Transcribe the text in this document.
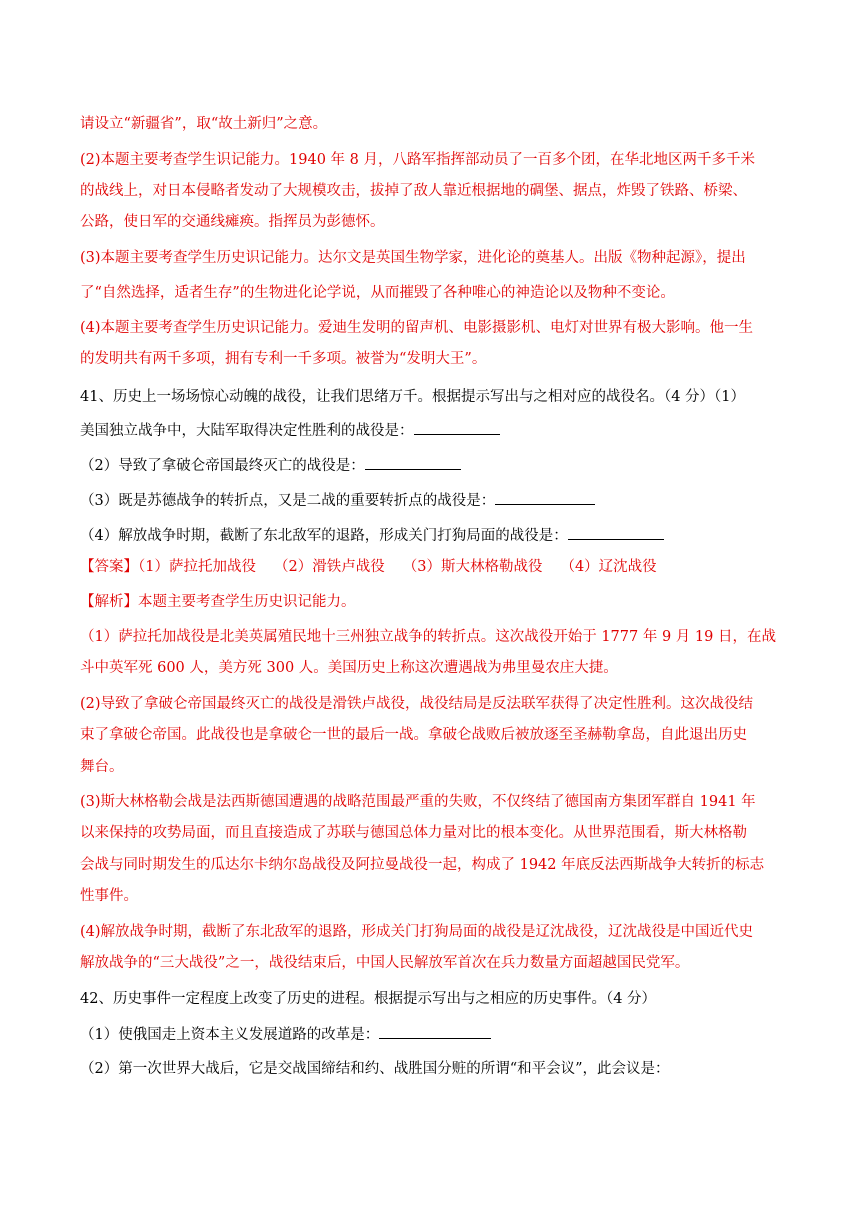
请设立“新疆省”，取“故土新归”之意。
(2)本题主要考查学生识记能力。1940 年 8 月，八路军指挥部动员了一百多个团，在华北地区两千多千米
的战线上，对日本侵略者发动了大规模攻击，拔掉了敌人靠近根据地的碉堡、据点，炸毁了铁路、桥梁、
公路，使日军的交通线瘫痪。指挥员为彭德怀。
(3)本题主要考查学生历史识记能力。达尔文是英国生物学家，进化论的奠基人。出版《物种起源》，提出
了“自然选择，适者生存”的生物进化论学说，从而摧毁了各种唯心的神造论以及物种不变论。
(4)本题主要考查学生历史识记能力。爱迪生发明的留声机、电影摄影机、电灯对世界有极大影响。他一生
的发明共有两千多项，拥有专利一千多项。被誉为“发明大王”。
41、历史上一场场惊心动魄的战役，让我们思绪万千。根据提示写出与之相对应的战役名。（4 分）（1）
美国独立战争中，大陆军取得决定性胜利的战役是：
（2）导致了拿破仑帝国最终灭亡的战役是：
（3）既是苏德战争的转折点，又是二战的重要转折点的战役是：
（4）解放战争时期，截断了东北敌军的退路，形成关门打狗局面的战役是：
【答案】（1）萨拉托加战役 （2）滑铁卢战役 （3）斯大林格勒战役 （4）辽沈战役
【解析】本题主要考查学生历史识记能力。
（1）萨拉托加战役是北美英属殖民地十三州独立战争的转折点。这次战役开始于 1777 年 9 月 19 日，在战
斗中英军死 600 人，美方死 300 人。美国历史上称这次遭遇战为弗里曼农庄大捷。
(2)导致了拿破仑帝国最终灭亡的战役是滑铁卢战役，战役结局是反法联军获得了决定性胜利。这次战役结
束了拿破仑帝国。此战役也是拿破仑一世的最后一战。拿破仑战败后被放逐至圣赫勒拿岛，自此退出历史
舞台。
(3)斯大林格勒会战是法西斯德国遭遇的战略范围最严重的失败，不仅终结了德国南方集团军群自 1941 年
以来保持的攻势局面，而且直接造成了苏联与德国总体力量对比的根本变化。从世界范围看，斯大林格勒
会战与同时期发生的瓜达尔卡纳尔岛战役及阿拉曼战役一起，构成了 1942 年底反法西斯战争大转折的标志
性事件。
(4)解放战争时期，截断了东北敌军的退路，形成关门打狗局面的战役是辽沈战役，辽沈战役是中国近代史
解放战争的“三大战役”之一，战役结束后，中国人民解放军首次在兵力数量方面超越国民党军。
42、历史事件一定程度上改变了历史的进程。根据提示写出与之相应的历史事件。（4 分）
（1）使俄国走上资本主义发展道路的改革是：
（2）第一次世界大战后，它是交战国缔结和约、战胜国分赃的所谓“和平会议”，此会议是：
